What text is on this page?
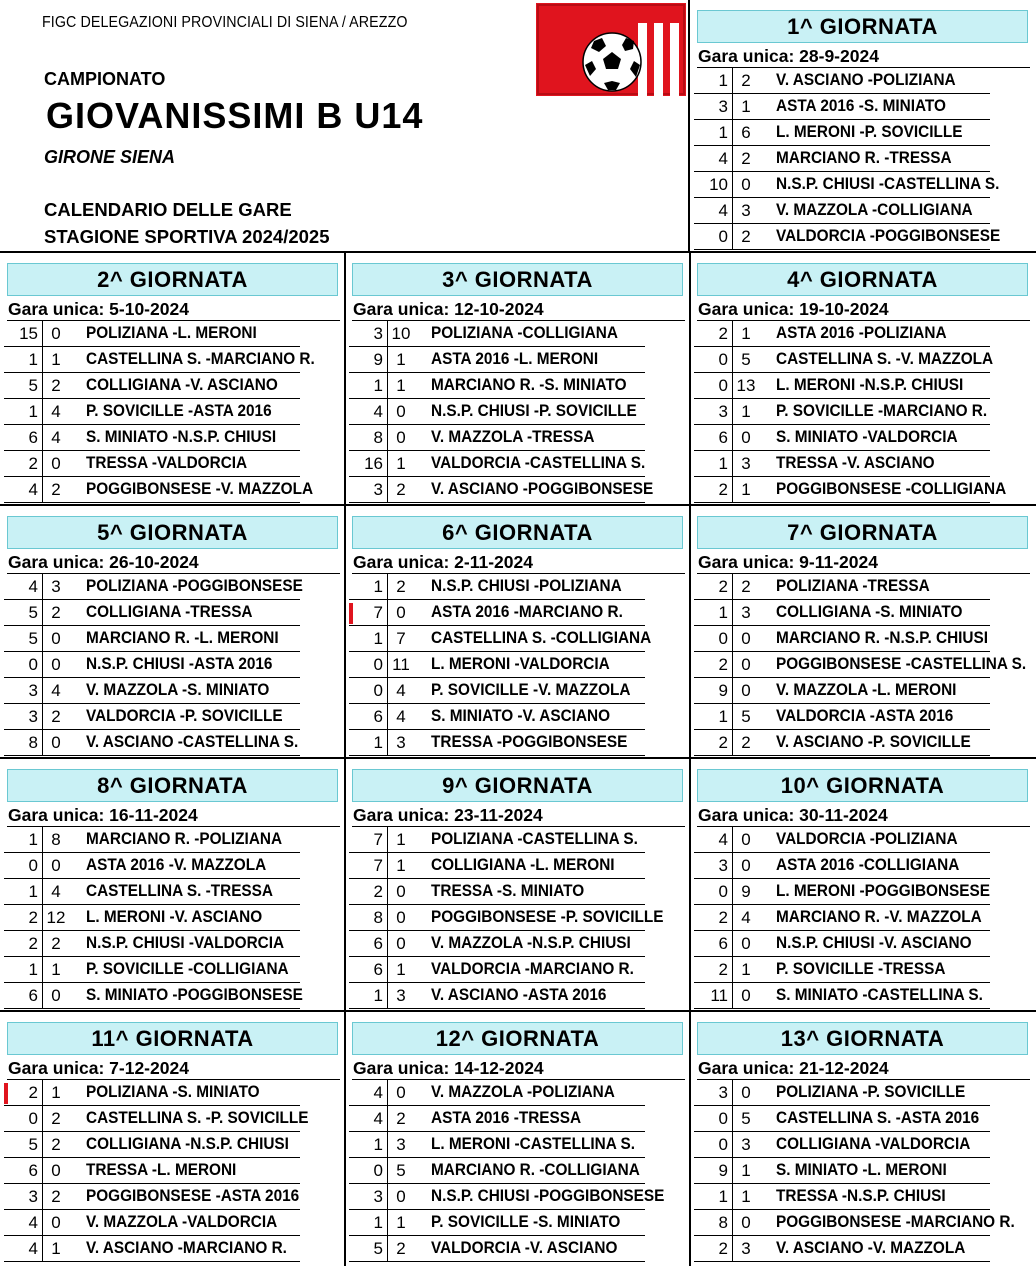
FIGC DELEGAZIONI PROVINCIALI DI SIENA / AREZZO
CAMPIONATO
GIOVANISSIMI B U14
GIRONE SIENA
CALENDARIO DELLE GARE
STAGIONE SPORTIVA 2024/2025
1^ GIORNATA
Gara unica: 28-9-2024
1 2	V. ASCIANO -POLIZIANA
3 1	ASTA 2016 -S. MINIATO
1 6	L. MERONI -P. SOVICILLE
4 2	MARCIANO R. -TRESSA
10 0	N.S.P. CHIUSI -CASTELLINA S.
4 3	V. MAZZOLA -COLLIGIANA
0 2	VALDORCIA -POGGIBONSESE
2^ GIORNATA
Gara unica: 5-10-2024
15 0	POLIZIANA -L. MERONI
1 1	CASTELLINA S. -MARCIANO R.
5 2	COLLIGIANA -V. ASCIANO
1 4	P. SOVICILLE -ASTA 2016
6 4	S. MINIATO -N.S.P. CHIUSI
2 0	TRESSA -VALDORCIA
4 2	POGGIBONSESE -V. MAZZOLA
3^ GIORNATA
Gara unica: 12-10-2024
3 10 POLIZIANA -COLLIGIANA
9 1	ASTA 2016 -L. MERONI
1 1	MARCIANO R. -S. MINIATO
4 0	N.S.P. CHIUSI -P. SOVICILLE
8 0	V. MAZZOLA -TRESSA
16 1	VALDORCIA -CASTELLINA S.
3 2	V. ASCIANO -POGGIBONSESE
4^ GIORNATA
Gara unica: 19-10-2024
2 1	ASTA 2016 -POLIZIANA
0 5	CASTELLINA S. -V. MAZZOLA
0 13 L. MERONI -N.S.P. CHIUSI
3 1	P. SOVICILLE -MARCIANO R.
6 0	S. MINIATO -VALDORCIA
1 3	TRESSA -V. ASCIANO
2 1	POGGIBONSESE -COLLIGIANA
5^ GIORNATA
Gara unica: 26-10-2024
4 3	POLIZIANA -POGGIBONSESE
5 2	COLLIGIANA -TRESSA
5 0	MARCIANO R. -L. MERONI
0 0	N.S.P. CHIUSI -ASTA 2016
3 4	V. MAZZOLA -S. MINIATO
3 2	VALDORCIA -P. SOVICILLE
8 0	V. ASCIANO -CASTELLINA S.
6^ GIORNATA
Gara unica: 2-11-2024
1 2	N.S.P. CHIUSI -POLIZIANA
7 0	ASTA 2016 -MARCIANO R.
1 7	CASTELLINA S. -COLLIGIANA
0 11 L. MERONI -VALDORCIA
0 4	P. SOVICILLE -V. MAZZOLA
6 4	S. MINIATO -V. ASCIANO
1 3	TRESSA -POGGIBONSESE
7^ GIORNATA
Gara unica: 9-11-2024
2 2	POLIZIANA -TRESSA
1 3	COLLIGIANA -S. MINIATO
0 0	MARCIANO R. -N.S.P. CHIUSI
2 0	POGGIBONSESE -CASTELLINA S.
9 0	V. MAZZOLA -L. MERONI
1 5	VALDORCIA -ASTA 2016
2 2	V. ASCIANO -P. SOVICILLE
8^ GIORNATA
Gara unica: 16-11-2024
1 8	MARCIANO R. -POLIZIANA
0 0	ASTA 2016 -V. MAZZOLA
1 4	CASTELLINA S. -TRESSA
2 12 L. MERONI -V. ASCIANO
2 2	N.S.P. CHIUSI -VALDORCIA
1 1	P. SOVICILLE -COLLIGIANA
6 0	S. MINIATO -POGGIBONSESE
9^ GIORNATA
Gara unica: 23-11-2024
7 1	POLIZIANA -CASTELLINA S.
7 1	COLLIGIANA -L. MERONI
2 0	TRESSA -S. MINIATO
8 0	POGGIBONSESE -P. SOVICILLE
6 0	V. MAZZOLA -N.S.P. CHIUSI
6 1	VALDORCIA -MARCIANO R.
1 3	V. ASCIANO -ASTA 2016
10^ GIORNATA
Gara unica: 30-11-2024
4 0	VALDORCIA -POLIZIANA
3 0	ASTA 2016 -COLLIGIANA
0 9	L. MERONI -POGGIBONSESE
2 4	MARCIANO R. -V. MAZZOLA
6 0	N.S.P. CHIUSI -V. ASCIANO
2 1	P. SOVICILLE -TRESSA
11 0	S. MINIATO -CASTELLINA S.
11^ GIORNATA
Gara unica: 7-12-2024
2 1	POLIZIANA -S. MINIATO
0 2	CASTELLINA S. -P. SOVICILLE
5 2	COLLIGIANA -N.S.P. CHIUSI
6 0	TRESSA -L. MERONI
3 2	POGGIBONSESE -ASTA 2016
4 0	V. MAZZOLA -VALDORCIA
4 1	V. ASCIANO -MARCIANO R.
12^ GIORNATA
Gara unica: 14-12-2024
4 0	V. MAZZOLA -POLIZIANA
4 2	ASTA 2016 -TRESSA
1 3	L. MERONI -CASTELLINA S.
0 5	MARCIANO R. -COLLIGIANA
3 0	N.S.P. CHIUSI -POGGIBONSESE
1 1	P. SOVICILLE -S. MINIATO
5 2	VALDORCIA -V. ASCIANO
13^ GIORNATA
Gara unica: 21-12-2024
3 0	POLIZIANA -P. SOVICILLE
0 5	CASTELLINA S. -ASTA 2016
0 3	COLLIGIANA -VALDORCIA
9 1	S. MINIATO -L. MERONI
1 1	TRESSA -N.S.P. CHIUSI
8 0	POGGIBONSESE -MARCIANO R.
2 3	V. ASCIANO -V. MAZZOLA
